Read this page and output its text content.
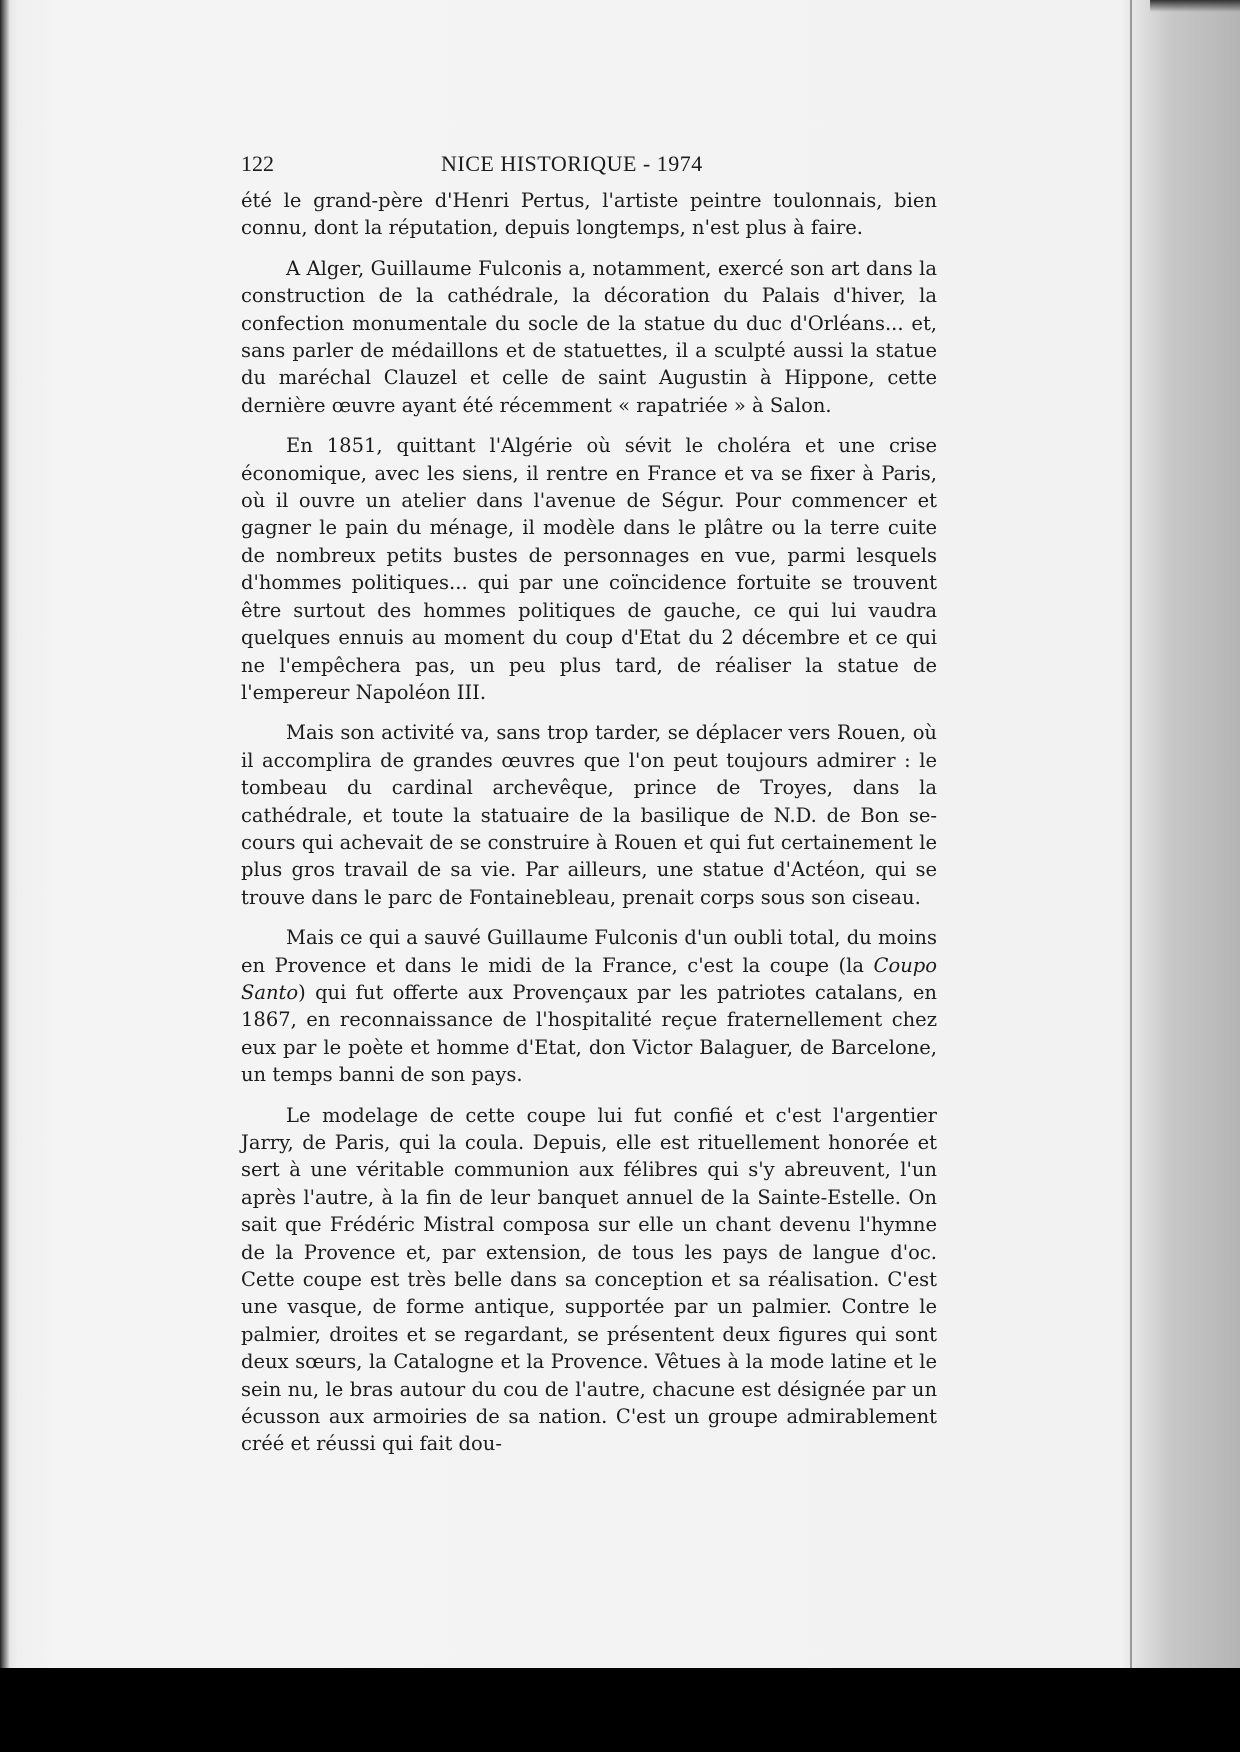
122	NICE HISTORIQUE - 1974

été le grand-père d'Henri Pertus, l'artiste peintre toulonnais, bien connu, dont la réputation, depuis longtemps, n'est plus à faire.

A Alger, Guillaume Fulconis a, notamment, exercé son art dans la construction de la cathédrale, la décoration du Palais d'hiver, la confection monumentale du socle de la statue du duc d'Orléans... et, sans parler de médaillons et de statuettes, il a sculpté aussi la statue du maréchal Clauzel et celle de saint Augustin à Hippone, cette dernière œuvre ayant été récemment « rapatriée » à Salon.

En 1851, quittant l'Algérie où sévit le choléra et une crise économique, avec les siens, il rentre en France et va se fixer à Paris, où il ouvre un atelier dans l'avenue de Ségur. Pour commencer et gagner le pain du ménage, il modèle dans le plâtre ou la terre cuite de nombreux petits bustes de personnages en vue, parmi lesquels d'hommes politiques... qui par une coïncidence fortuite se trouvent être surtout des hommes politiques de gauche, ce qui lui vaudra quelques ennuis au moment du coup d'Etat du 2 décembre et ce qui ne l'empêchera pas, un peu plus tard, de réaliser la statue de l'empereur Napoléon III.

Mais son activité va, sans trop tarder, se déplacer vers Rouen, où il accomplira de grandes œuvres que l'on peut toujours admirer : le tombeau du cardinal archevêque, prince de Troyes, dans la cathédrale, et toute la statuaire de la basilique de N.D. de Bon secours qui achevait de se construire à Rouen et qui fut certainement le plus gros travail de sa vie. Par ailleurs, une statue d'Actéon, qui se trouve dans le parc de Fontainebleau, prenait corps sous son ciseau.

Mais ce qui a sauvé Guillaume Fulconis d'un oubli total, du moins en Provence et dans le midi de la France, c'est la coupe (la Coupo Santo) qui fut offerte aux Provençaux par les patriotes catalans, en 1867, en reconnaissance de l'hospitalité reçue fraternellement chez eux par le poète et homme d'Etat, don Victor Balaguer, de Barcelone, un temps banni de son pays.

Le modelage de cette coupe lui fut confié et c'est l'argentier Jarry, de Paris, qui la coula. Depuis, elle est rituellement honorée et sert à une véritable communion aux félibres qui s'y abreuvent, l'un après l'autre, à la fin de leur banquet annuel de la Sainte-Estelle. On sait que Frédéric Mistral composa sur elle un chant devenu l'hymne de la Provence et, par extension, de tous les pays de langue d'oc. Cette coupe est très belle dans sa conception et sa réalisation. C'est une vasque, de forme antique, supportée par un palmier. Contre le palmier, droites et se regardant, se présentent deux figures qui sont deux sœurs, la Catalogne et la Provence. Vêtues à la mode latine et le sein nu, le bras autour du cou de l'autre, chacune est désignée par un écusson aux armoiries de sa nation. C'est un groupe admirablement créé et réussi qui fait dou-
